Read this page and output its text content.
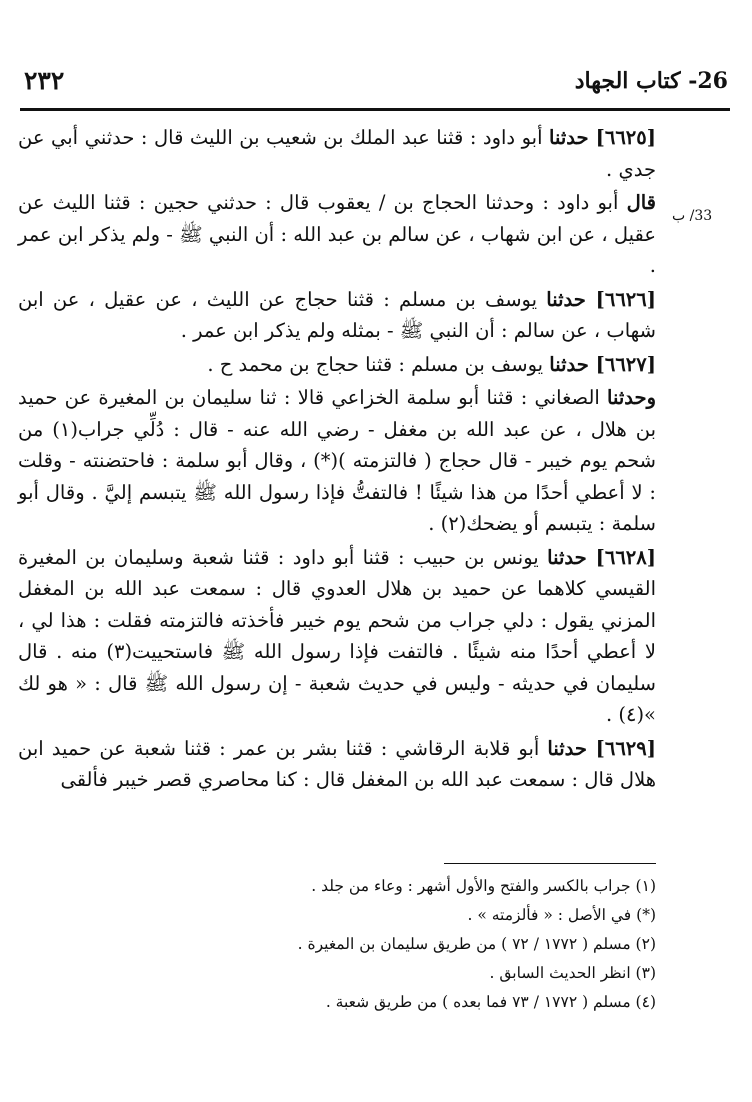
٢٣٢	26- كتاب الجهاد
33/ ب

[٦٦٢٥] حدثنا أبو داود : قثنا عبد الملك بن شعيب بن الليث قال : حدثني أبي عن جدي .

قال أبو داود : وحدثنا الحجاج بن / يعقوب قال : حدثني حجين : قثنا الليث عن عقيل ، عن ابن شهاب ، عن سالم بن عبد الله : أن النبي ﷺ - ولم يذكر ابن عمر .

[٦٦٢٦] حدثنا يوسف بن مسلم : قثنا حجاج عن الليث ، عن عقيل ، عن ابن شهاب ، عن سالم : أن النبي ﷺ - بمثله ولم يذكر ابن عمر .

[٦٦٢٧] حدثنا يوسف بن مسلم : قثنا حجاج بن محمد ح .

وحدثنا الصغاني : قثنا أبو سلمة الخزاعي قالا : ثنا سليمان بن المغيرة عن حميد بن هلال ، عن عبد الله بن مغفل - رضي الله عنه - قال : دُلِّي جراب(١) من شحم يوم خيبر - قال حجاج ( فالتزمته )(*) ، وقال أبو سلمة : فاحتضنته - وقلت : لا أعطي أحدًا من هذا شيئًا ! فالتفتُّ فإذا رسول الله ﷺ يتبسم إليَّ . وقال أبو سلمة : يتبسم أو يضحك(٢) .

[٦٦٢٨] حدثنا يونس بن حبيب : قثنا أبو داود : قثنا شعبة وسليمان بن المغيرة القيسي كلاهما عن حميد بن هلال العدوي قال : سمعت عبد الله بن المغفل المزني يقول : دلي جراب من شحم يوم خيبر فأخذته فالتزمته فقلت : هذا لي ، لا أعطي أحدًا منه شيئًا . فالتفت فإذا رسول الله ﷺ فاستحييت(٣) منه . قال سليمان في حديثه - وليس في حديث شعبة - إن رسول الله ﷺ قال : « هو لك »(٤) .

[٦٦٢٩] حدثنا أبو قلابة الرقاشي : قثنا بشر بن عمر : قثنا شعبة عن حميد ابن هلال قال : سمعت عبد الله بن المغفل قال : كنا محاصري قصر خيبر فألقى

(١) جراب بالكسر والفتح والأول أشهر : وعاء من جلد .

(*) في الأصل : « فألزمته » .

(٢) مسلم ( ١٧٧٢ / ٧٢ ) من طريق سليمان بن المغيرة .

(٣) انظر الحديث السابق .

(٤) مسلم ( ١٧٧٢ / ٧٣ فما بعده ) من طريق شعبة .
